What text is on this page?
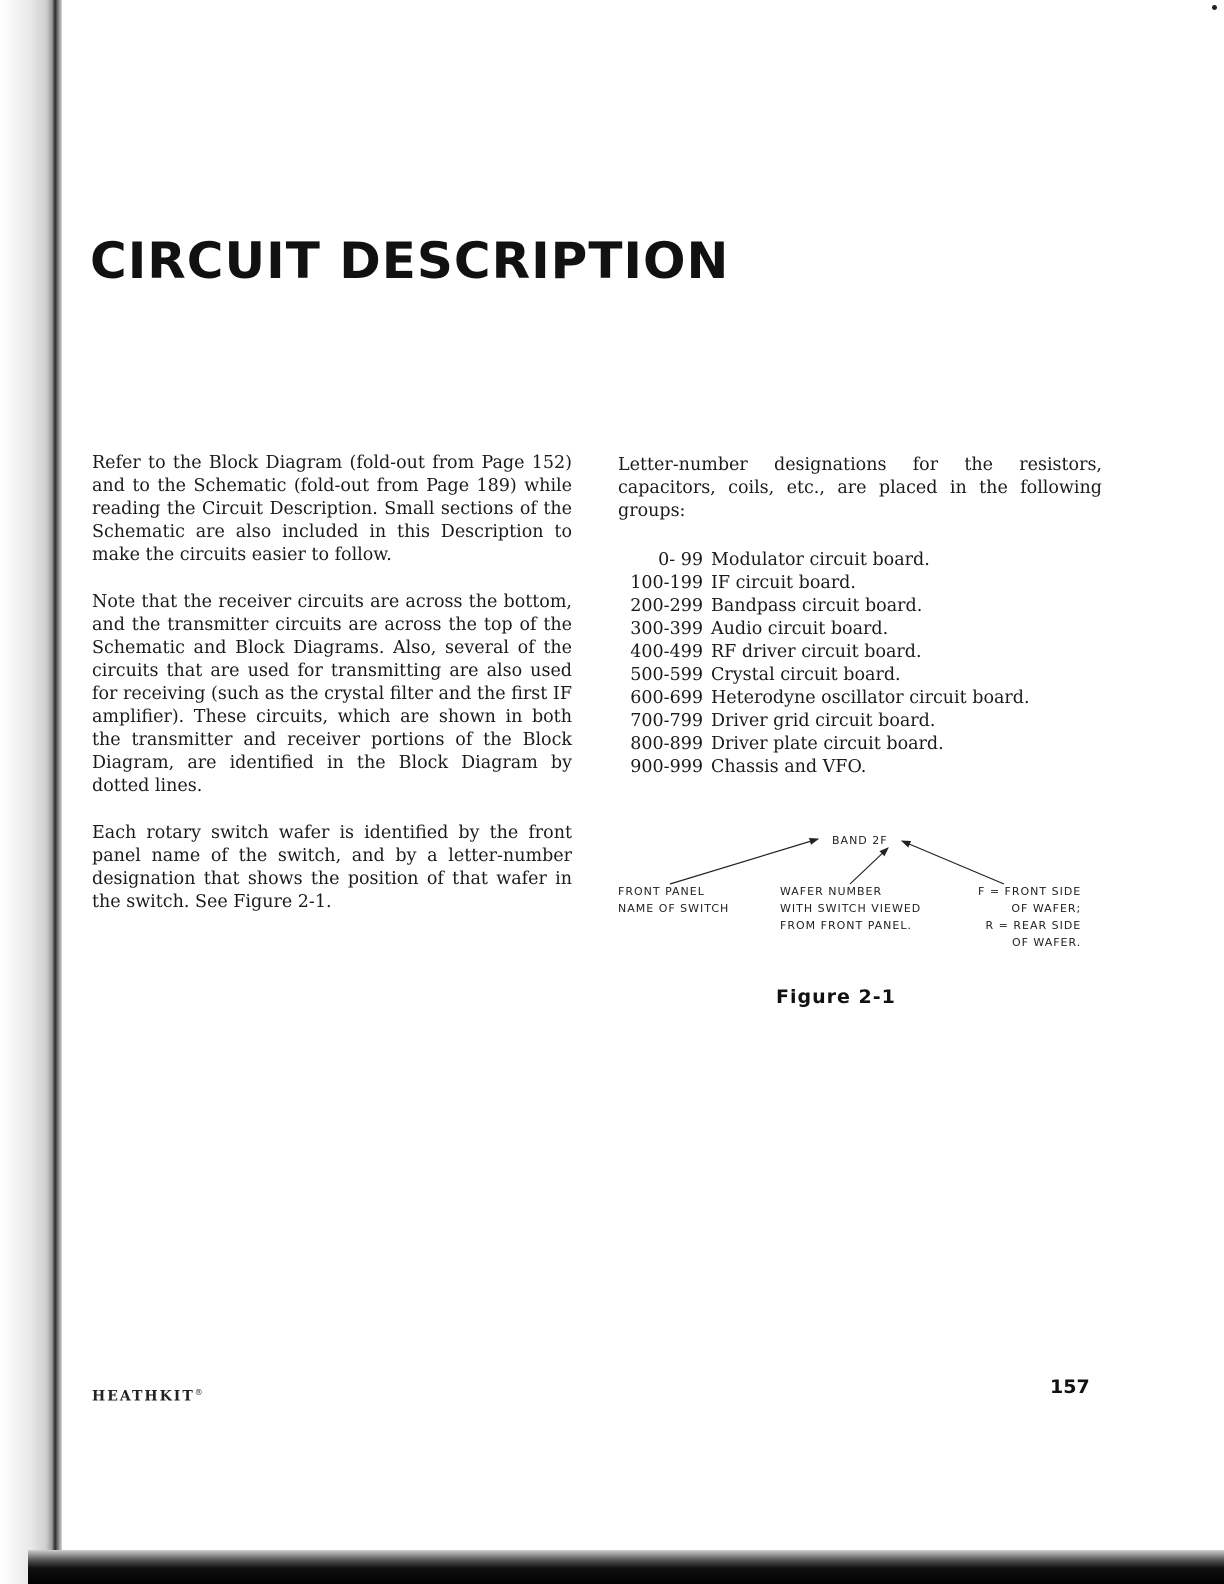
CIRCUIT DESCRIPTION

Refer to the Block Diagram (fold-out from Page 152) and to the Schematic (fold-out from Page 189) while reading the Circuit Description. Small sections of the Schematic are also included in this Description to make the circuits easier to follow.

Note that the receiver circuits are across the bottom, and the transmitter circuits are across the top of the Schematic and Block Diagrams. Also, several of the circuits that are used for transmitting are also used for receiving (such as the crystal filter and the first IF amplifier). These circuits, which are shown in both the transmitter and receiver portions of the Block Diagram, are identified in the Block Diagram by dotted lines.

Each rotary switch wafer is identified by the front panel name of the switch, and by a letter-number designation that shows the position of that wafer in the switch. See Figure 2-1.

Letter-number designations for the resistors, capacitors, coils, etc., are placed in the following groups:

0- 99 Modulator circuit board.
100-199 IF circuit board.
200-299 Bandpass circuit board.
300-399 Audio circuit board.
400-499 RF driver circuit board.
500-599 Crystal circuit board.
600-699 Heterodyne oscillator circuit board.
700-799 Driver grid circuit board.
800-899 Driver plate circuit board.
900-999 Chassis and VFO.
BAND 2F
FRONT PANEL
NAME OF SWITCH
WAFER NUMBER
WITH SWITCH VIEWED
FROM FRONT PANEL.
F = FRONT SIDE
OF WAFER;
R = REAR SIDE
OF WAFER.
Figure 2-1
HEATHKIT®	157
